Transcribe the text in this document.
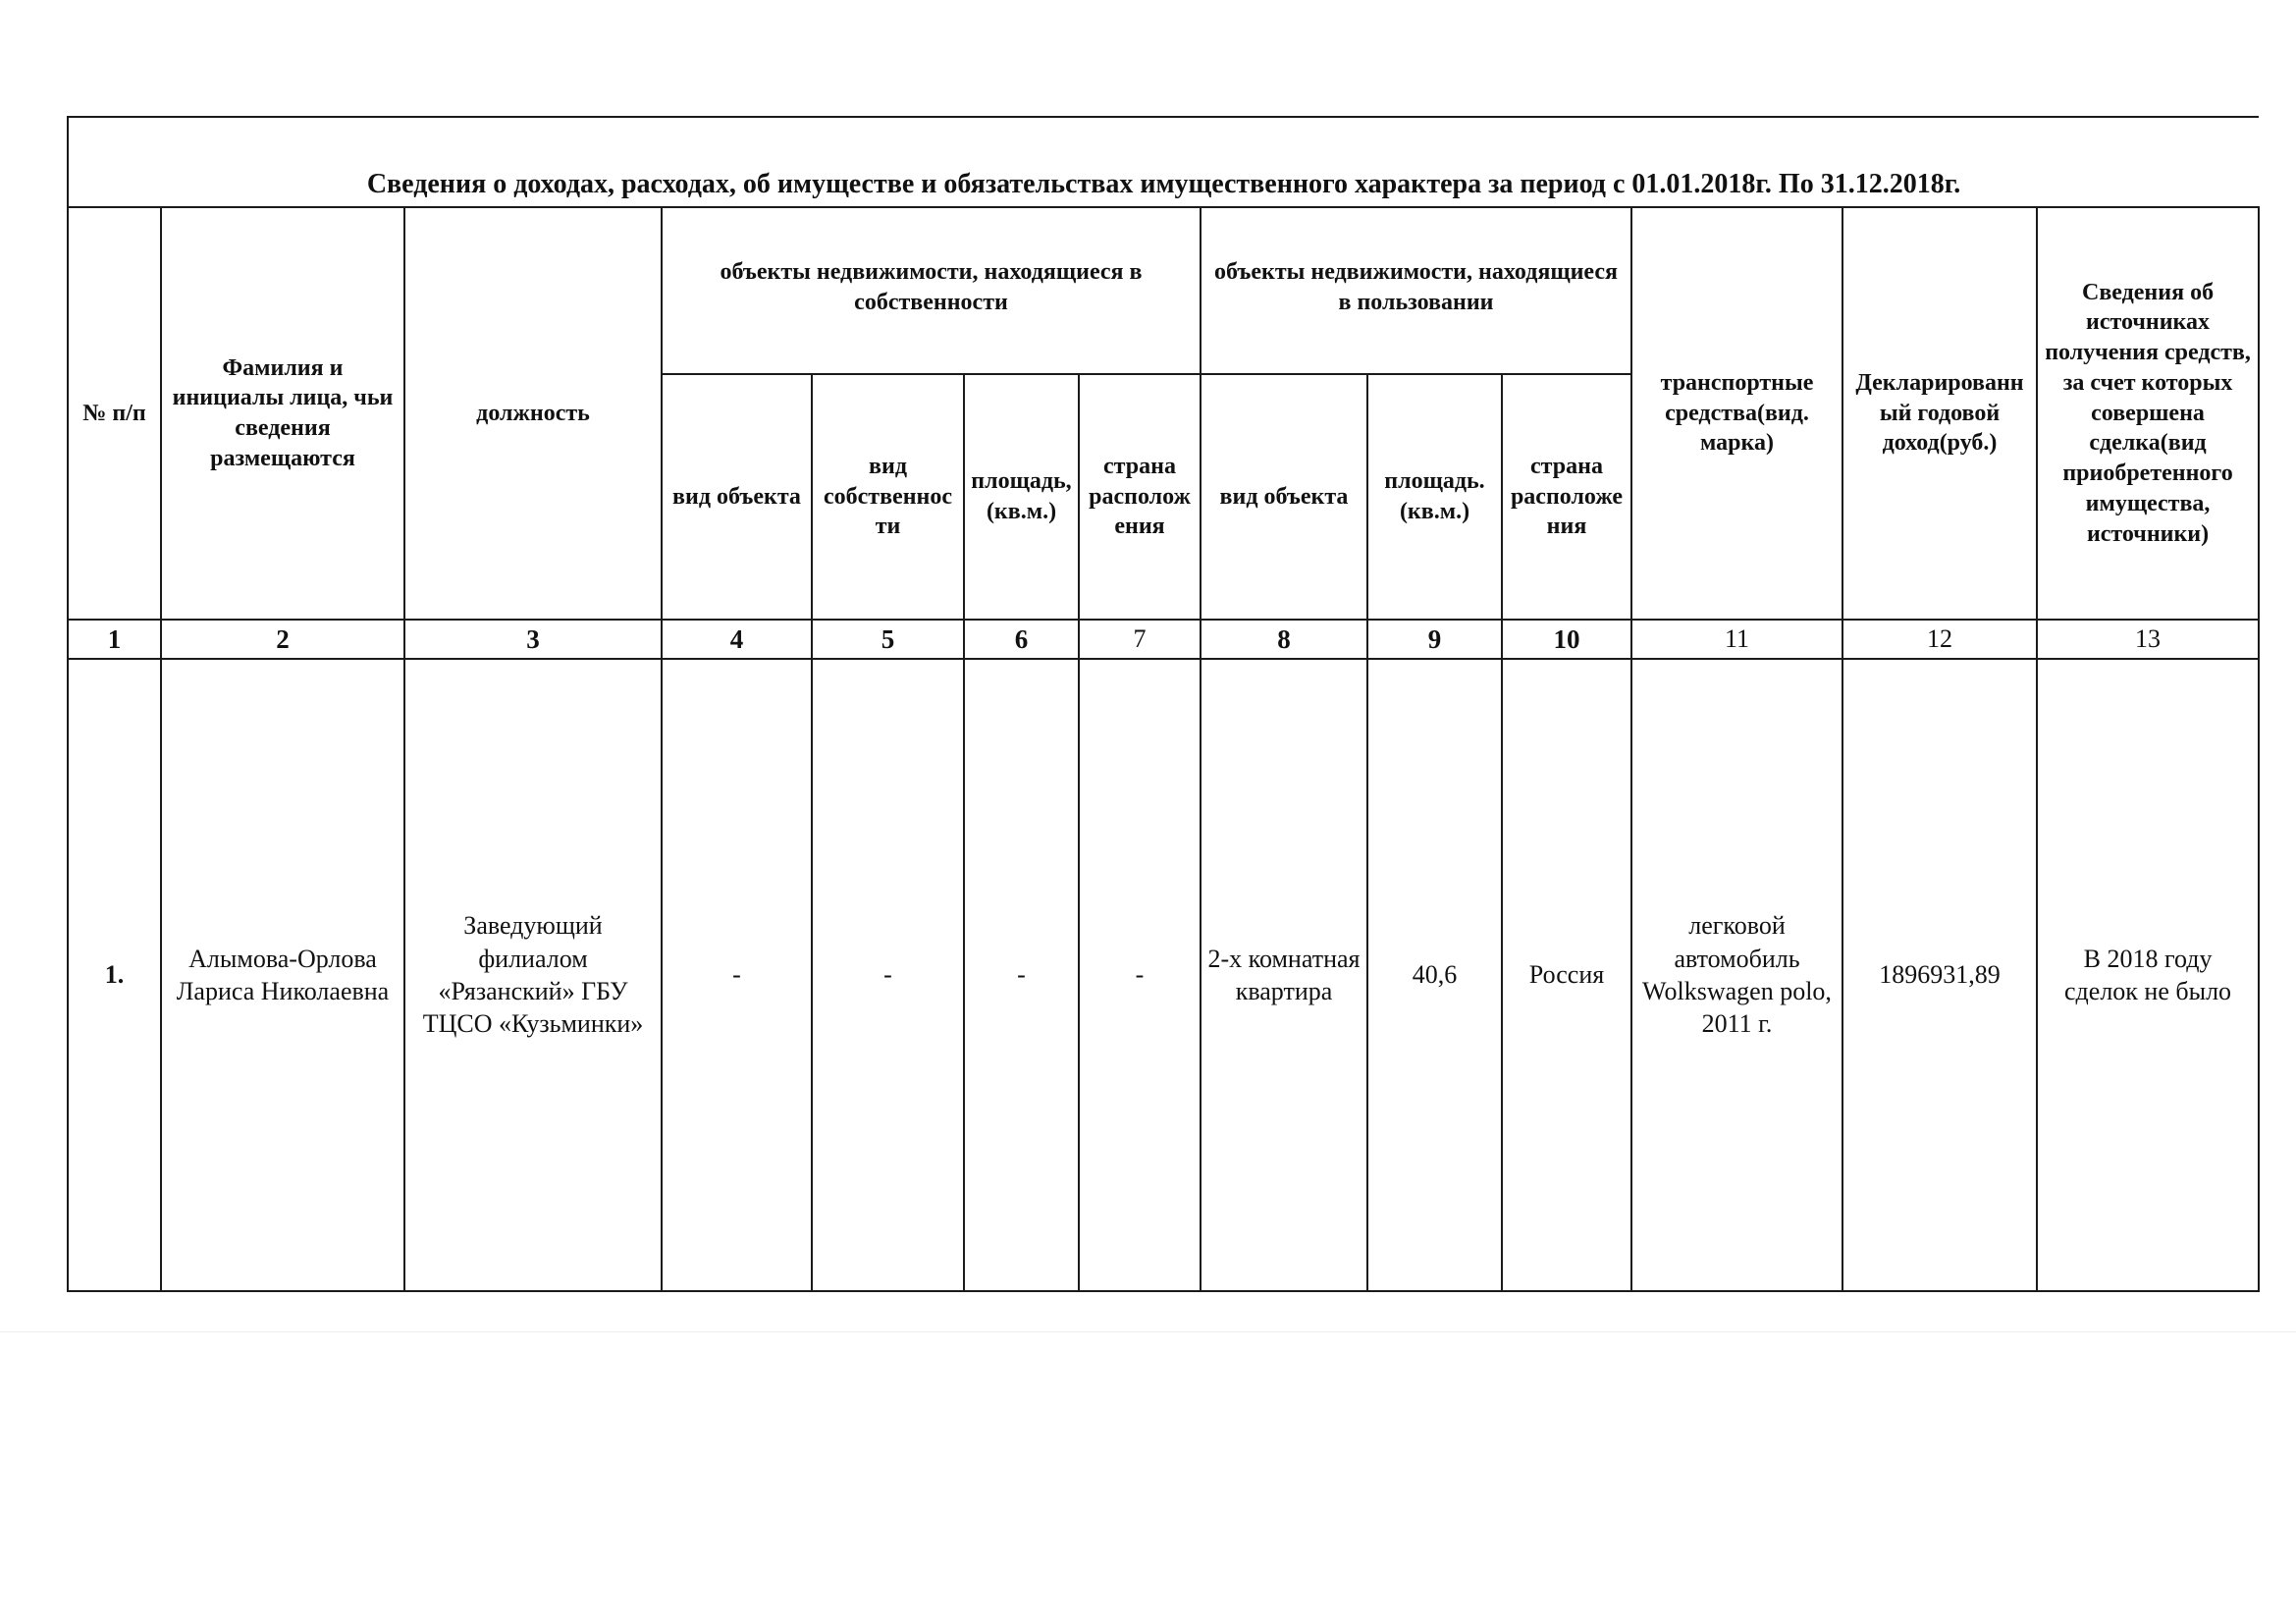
Сведения о доходах, расходах, об имуществе и обязательствах имущественного характера за период с 01.01.2018г. По 31.12.2018г.												
№ п/п	Фамилия и инициалы лица, чьи сведения размещаются	должность	объекты недвижимости, находящиеся в собственности				объекты недвижимости, находящиеся в пользовании			транспортные средства(вид. марка)	Декларированный годовой доход(руб.)	Сведения об источниках получения средств, за счет которых совершена сделка(вид приобретенного имущества, источники)
			вид объекта	вид собственности	площадь, (кв.м.)	страна расположения	вид объекта	площадь. (кв.м.)	страна расположения			
1	2	3	4	5	6	7	8	9	10	11	12	13
1.	Алымова-Орлова Лариса Николаевна	Заведующий филиалом «Рязанский» ГБУ ТЦСО «Кузьминки»	-	-	-	-	2-х комнатная квартира	40,6	Россия	легковой автомобиль Wolkswagen polo, 2011 г.	1896931,89	В 2018 году сделок не было
